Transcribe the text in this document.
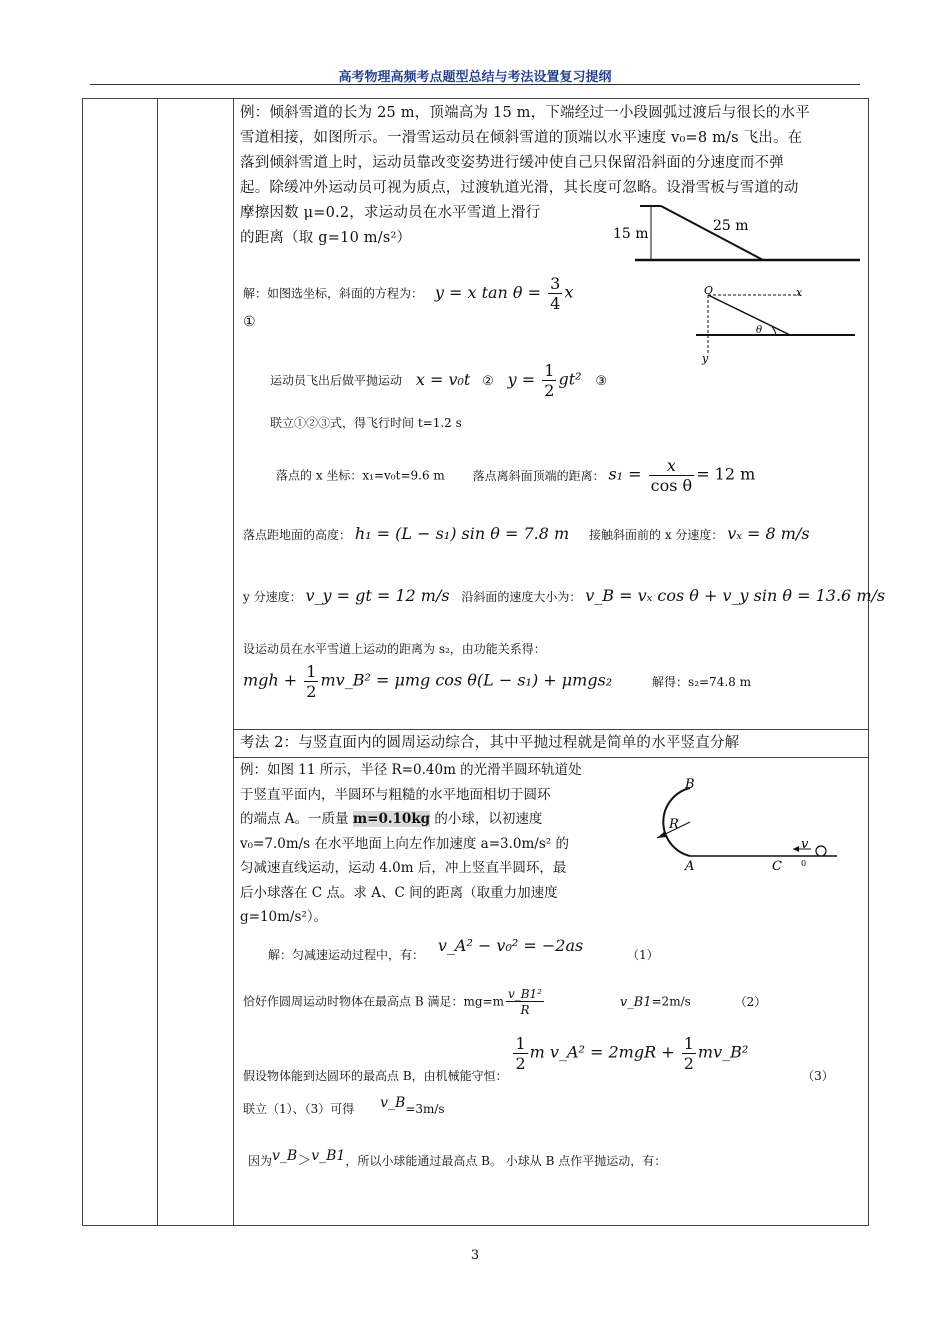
高考物理高频考点题型总结与考法设置复习提纲
例：倾斜雪道的长为 25 m，顶端高为 15 m，下端经过一小段圆弧过渡后与很长的水平
雪道相接，如图所示。一滑雪运动员在倾斜雪道的顶端以水平速度 v₀=8 m/s 飞出。在
落到倾斜雪道上时，运动员靠改变姿势进行缓冲使自己只保留沿斜面的分速度而不弹
起。除缓冲外运动员可视为质点，过渡轨道光滑，其长度可忽略。设滑雪板与雪道的动
摩擦因数 μ=0.2，求运动员在水平雪道上滑行
的距离（取 g=10 m/s²）	15 m	25 m
O	x
y
θ
解：如图选坐标，斜面的方程为： y = x $\tan \theta = \frac{3}{4}$ x
①
运动员飞出后做平抛运动 x = v₀t ② $y = \frac{1}{2} gt^2$ ③
联立①②③式，得飞行时间 t=1.2 s
落点的 x 坐标：x₁=v₀t=9.6 m 落点离斜面顶端的距离： $s_1 = \frac{x}{\text{cos θ}} = 12$ m
落点距地面的高度： h₁ = (L − s₁) sin θ = 7.8 m 接触斜面前的 x 分速度： vₓ = 8 m/s
y 分速度： v_y = gt = 12 m/s 沿斜面的速度大小为： v_B = vₓ cos θ + v_y sin θ = 13.6 m/s
设运动员在水平雪道上运动的距离为 s₂，由功能关系得：
mgh + $\frac{1}{2}$ mv_B² = μmg cos θ(L − s₁) + μmgs₂	解得：s₂=74.8 m
考法 2：与竖直面内的圆周运动综合，其中平抛过程就是简单的水平竖直分解
例：如图 11 所示，半径 R=0.40m 的光滑半圆环轨道处
于竖直平面内，半圆环与粗糙的水平地面相切于圆环
的端点 A。一质量 m=0.10kg 的小球，以初速度
v₀=7.0m/s 在水平地面上向左作加速度 a=3.0m/s² 的
匀减速直线运动，运动 4.0m 后，冲上竖直半圆环，最
后小球落在 C 点。求 A、C 间的距离（取重力加速度
g=10m/s²）。
B
R
A	C
v
0
解：匀减速运动过程中，有： v_A² − v₀² = −2as	（1）
恰好作圆周运动时物体在最高点 B 满足：$mg=m \frac{\text{v\_B1²}}{R}$	v_B1=2m/s	（2）
假设物体能到达圆环的最高点 B，由机械能守恒：
$\frac{1}{2}$ m v_A² = $2mgR + \frac{1}{2}$ mv_B² （3）
联立（1）、（3）可得 v_B=3m/s
因为v_B＞v_B1，所以小球能通过最高点 B。 小球从 B 点作平抛运动，有：
3
